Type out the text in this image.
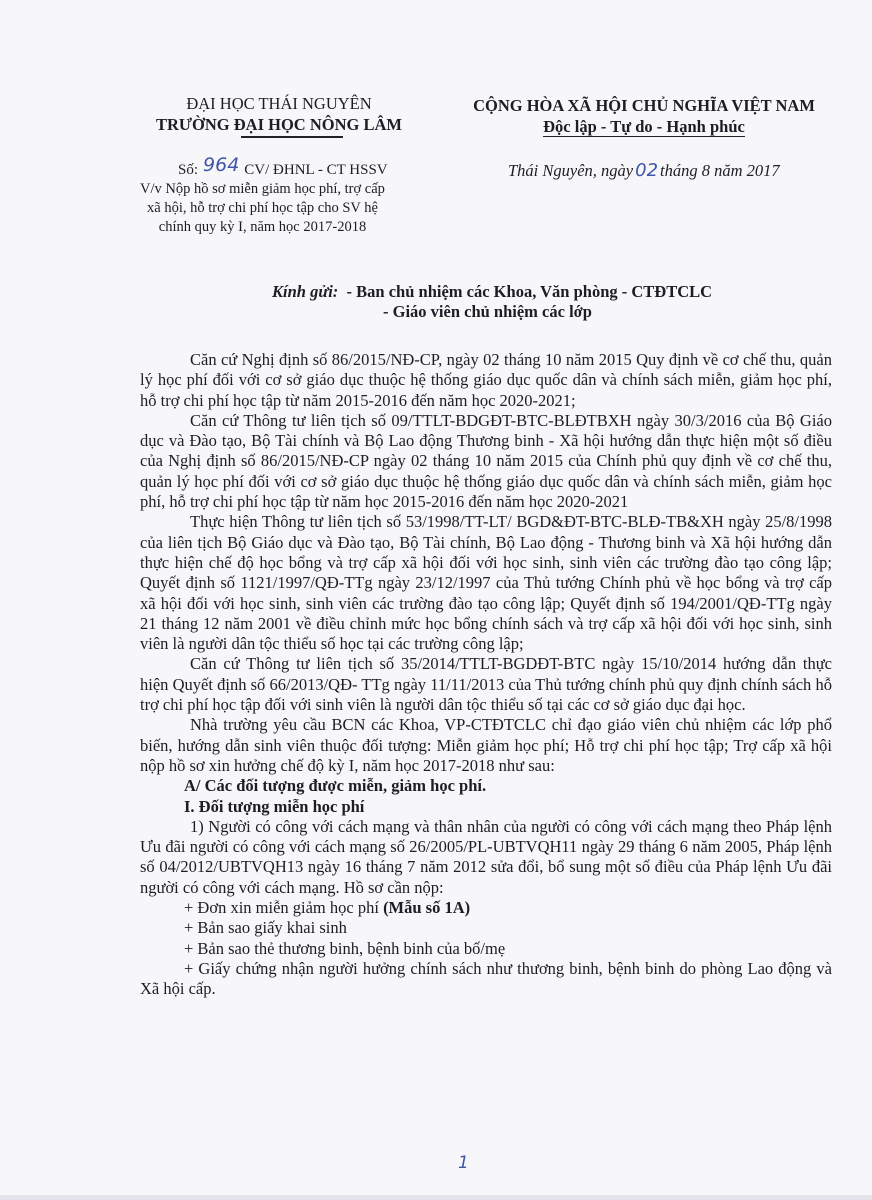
ĐẠI HỌC THÁI NGUYÊN
TRƯỜNG ĐẠI HỌC NÔNG LÂM
CỘNG HÒA XÃ HỘI CHỦ NGHĨA VIỆT NAM
Độc lập - Tự do - Hạnh phúc
Số: 964 CV/ ĐHNL - CT HSSV
V/v Nộp hồ sơ miễn giảm học phí, trợ cấp xã hội, hỗ trợ chi phí học tập cho SV hệ chính quy kỳ I, năm học 2017-2018
Thái Nguyên, ngày 02 tháng 8 năm 2017
Kính gửi: - Ban chủ nhiệm các Khoa, Văn phòng - CTĐTCLC
- Giáo viên chủ nhiệm các lớp

Căn cứ Nghị định số 86/2015/NĐ-CP, ngày 02 tháng 10 năm 2015 Quy định về cơ chế thu, quản lý học phí đối với cơ sở giáo dục thuộc hệ thống giáo dục quốc dân và chính sách miễn, giảm học phí, hỗ trợ chi phí học tập từ năm 2015-2016 đến năm học 2020-2021;

Căn cứ Thông tư liên tịch số 09/TTLT-BDGĐT-BTC-BLĐTBXH ngày 30/3/2016 của Bộ Giáo dục và Đào tạo, Bộ Tài chính và Bộ Lao động Thương binh - Xã hội hướng dẫn thực hiện một số điều của Nghị định số 86/2015/NĐ-CP ngày 02 tháng 10 năm 2015 của Chính phủ quy định về cơ chế thu, quản lý học phí đối với cơ sở giáo dục thuộc hệ thống giáo dục quốc dân và chính sách miễn, giảm học phí, hỗ trợ chi phí học tập từ năm học 2015-2016 đến năm học 2020-2021

Thực hiện Thông tư liên tịch số 53/1998/TT-LT/ BGD&ĐT-BTC-BLĐ-TB&XH ngày 25/8/1998 của liên tịch Bộ Giáo dục và Đào tạo, Bộ Tài chính, Bộ Lao động - Thương binh và Xã hội hướng dẫn thực hiện chế độ học bổng và trợ cấp xã hội đối với học sinh, sinh viên các trường đào tạo công lập; Quyết định số 1121/1997/QĐ-TTg ngày 23/12/1997 của Thủ tướng Chính phủ về học bổng và trợ cấp xã hội đối với học sinh, sinh viên các trường đào tạo công lập; Quyết định số 194/2001/QĐ-TTg ngày 21 tháng 12 năm 2001 về điều chỉnh mức học bổng chính sách và trợ cấp xã hội đối với học sinh, sinh viên là người dân tộc thiểu số học tại các trường công lập;

Căn cứ Thông tư liên tịch số 35/2014/TTLT-BGDĐT-BTC ngày 15/10/2014 hướng dẫn thực hiện Quyết định số 66/2013/QĐ- TTg ngày 11/11/2013 của Thủ tướng chính phủ quy định chính sách hỗ trợ chi phí học tập đối với sinh viên là người dân tộc thiểu số tại các cơ sở giáo dục đại học.

Nhà trường yêu cầu BCN các Khoa, VP-CTĐTCLC chỉ đạo giáo viên chủ nhiệm các lớp phổ biến, hướng dẫn sinh viên thuộc đối tượng: Miễn giảm học phí; Hỗ trợ chi phí học tập; Trợ cấp xã hội nộp hồ sơ xin hưởng chế độ kỳ I, năm học 2017-2018 như sau:

A/ Các đối tượng được miễn, giảm học phí.

I. Đối tượng miễn học phí

1) Người có công với cách mạng và thân nhân của người có công với cách mạng theo Pháp lệnh Ưu đãi người có công với cách mạng số 26/2005/PL-UBTVQH11 ngày 29 tháng 6 năm 2005, Pháp lệnh số 04/2012/UBTVQH13 ngày 16 tháng 7 năm 2012 sửa đổi, bổ sung một số điều của Pháp lệnh Ưu đãi người có công với cách mạng. Hồ sơ cần nộp:

+ Đơn xin miễn giảm học phí (Mẫu số 1A)

+ Bản sao giấy khai sinh

+ Bản sao thẻ thương binh, bệnh binh của bố/mẹ

+ Giấy chứng nhận người hưởng chính sách như thương binh, bệnh binh do phòng Lao động và Xã hội cấp.

1
